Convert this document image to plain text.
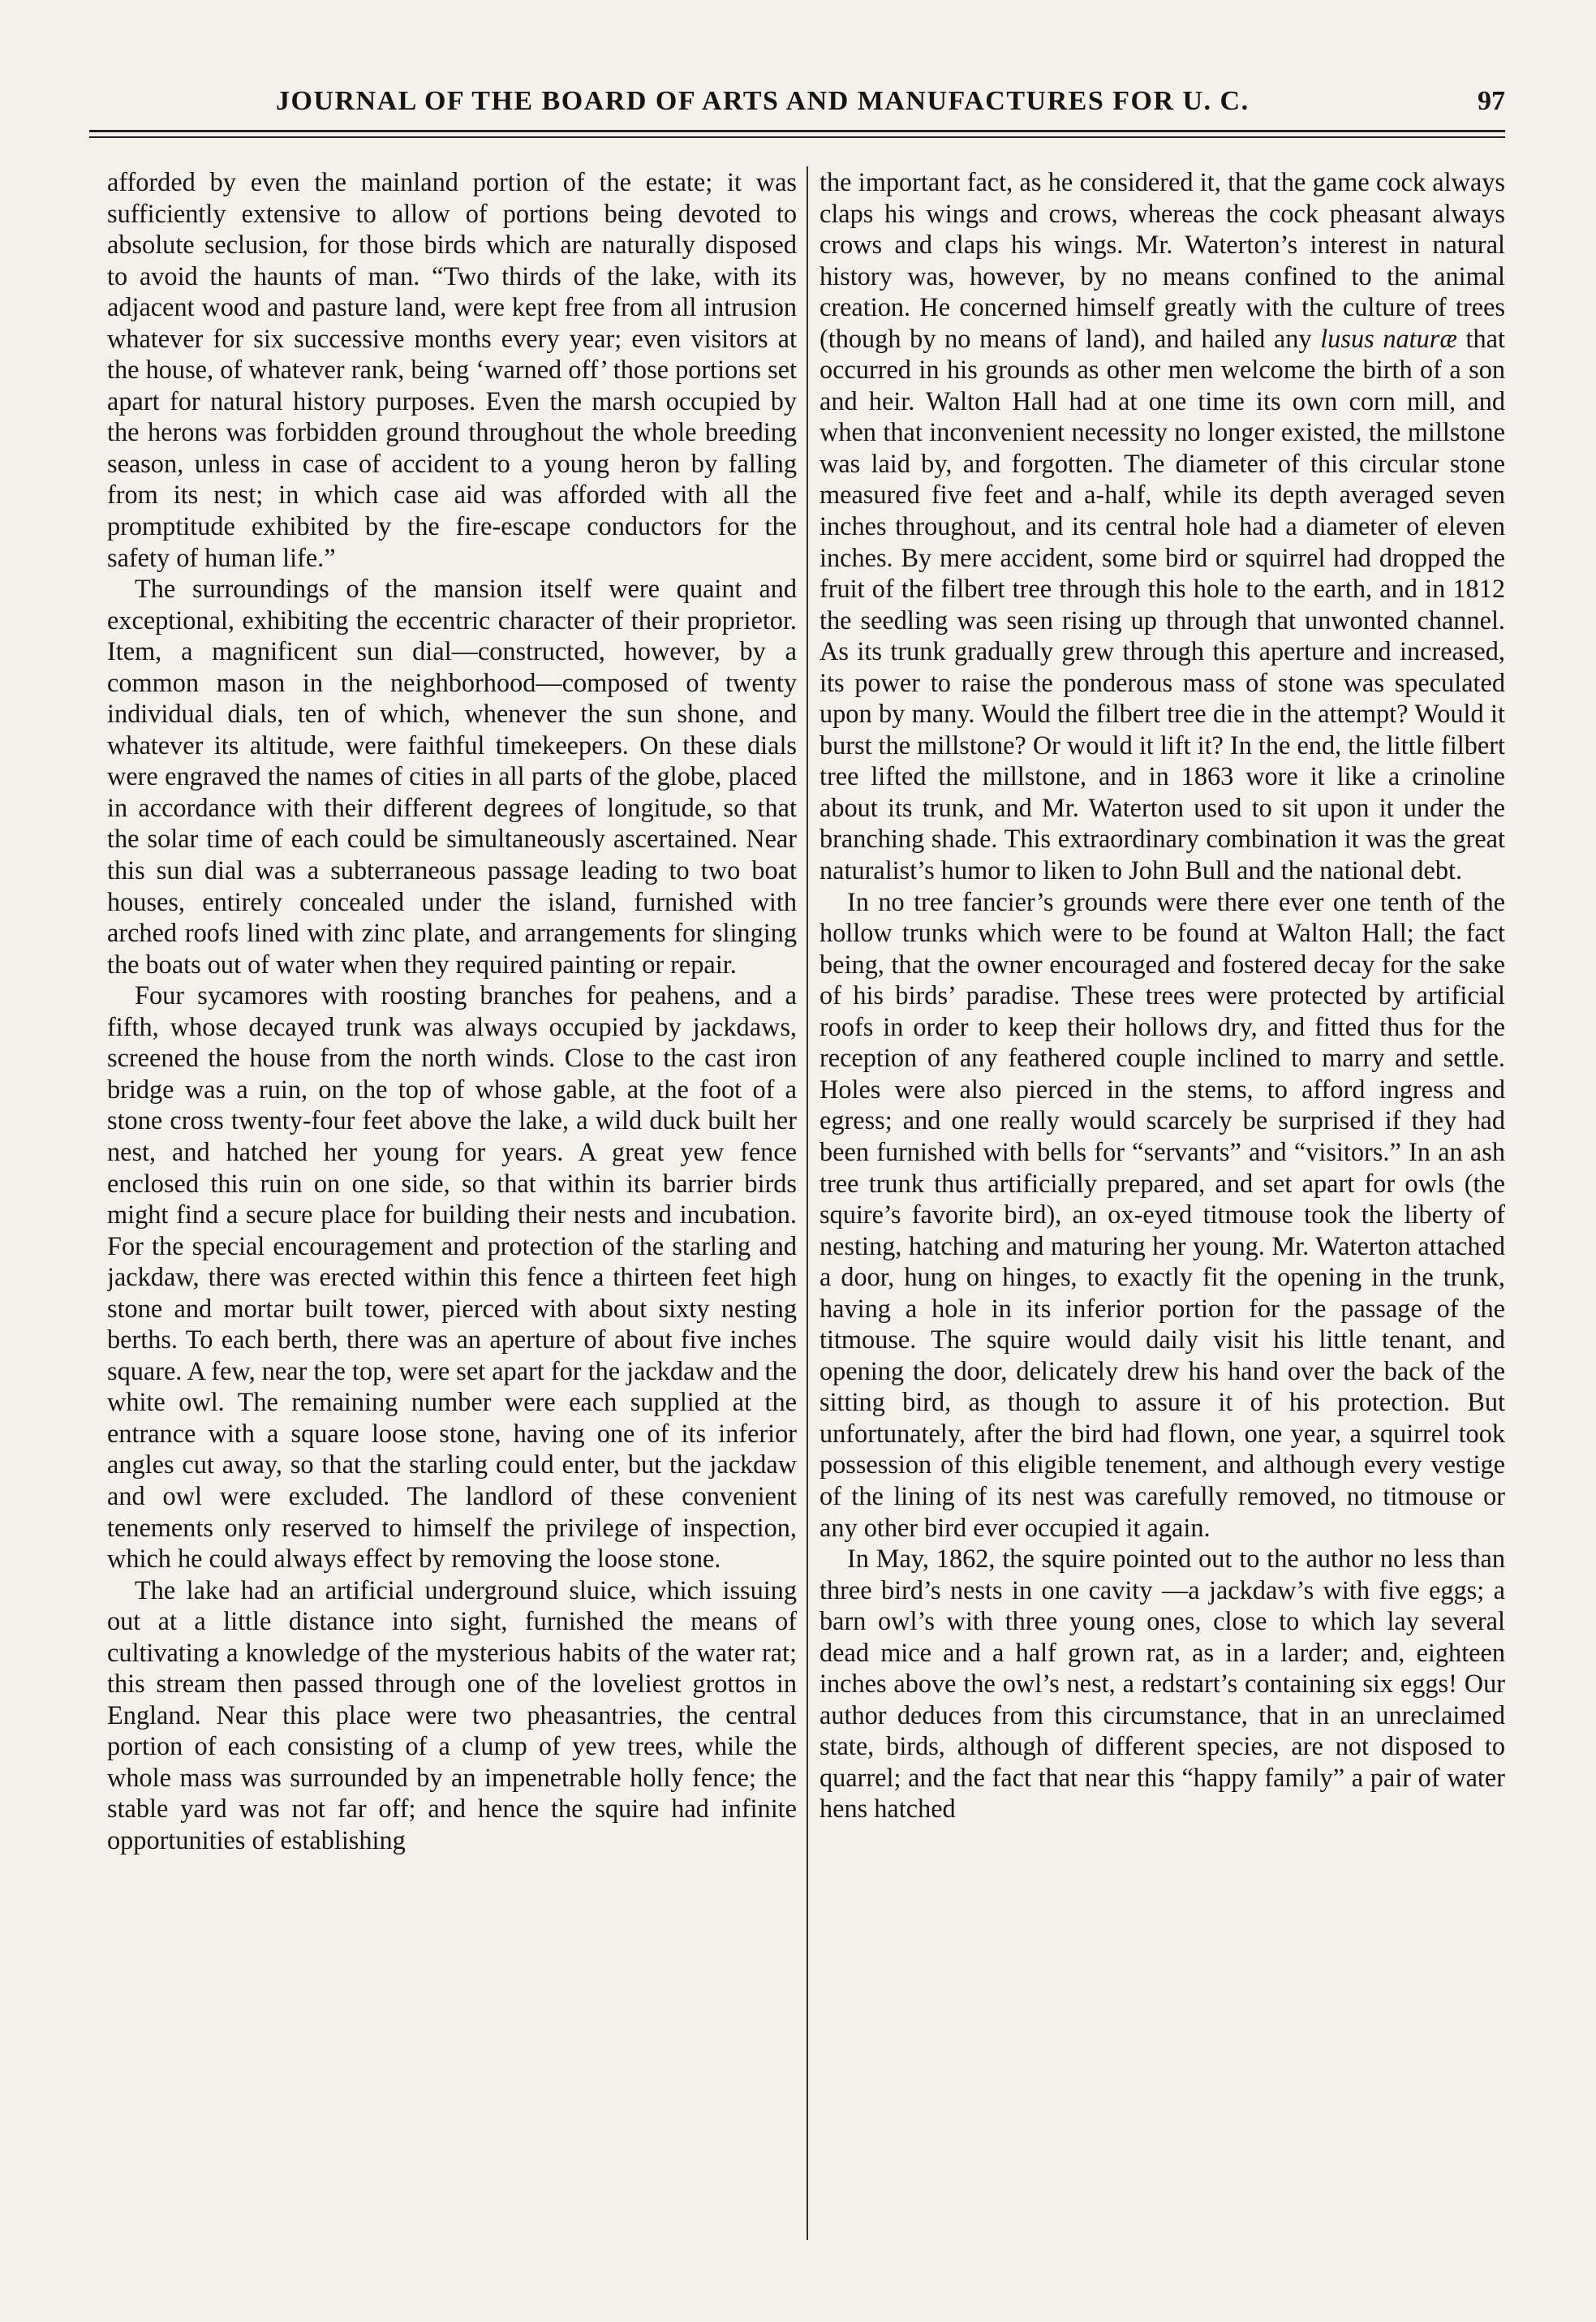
JOURNAL OF THE BOARD OF ARTS AND MANUFACTURES FOR U. C.	97

afforded by even the mainland portion of the estate; it was sufficiently extensive to allow of portions being devoted to absolute seclusion, for those birds which are naturally disposed to avoid the haunts of man. “Two thirds of the lake, with its adjacent wood and pasture land, were kept free from all intrusion whatever for six successive months every year; even visitors at the house, of whatever rank, being ‘warned off’ those portions set apart for natural history purposes. Even the marsh occupied by the herons was forbidden ground throughout the whole breeding season, unless in case of accident to a young heron by falling from its nest; in which case aid was afforded with all the promptitude exhibited by the fire-escape conductors for the safety of human life.”

The surroundings of the mansion itself were quaint and exceptional, exhibiting the eccentric character of their proprietor. Item, a magnificent sun dial—constructed, however, by a common mason in the neighborhood—composed of twenty individual dials, ten of which, whenever the sun shone, and whatever its altitude, were faithful timekeepers. On these dials were engraved the names of cities in all parts of the globe, placed in accordance with their different degrees of longitude, so that the solar time of each could be simultaneously ascertained. Near this sun dial was a subterraneous passage leading to two boat houses, entirely concealed under the island, furnished with arched roofs lined with zinc plate, and arrangements for slinging the boats out of water when they required painting or repair.

Four sycamores with roosting branches for peahens, and a fifth, whose decayed trunk was always occupied by jackdaws, screened the house from the north winds. Close to the cast iron bridge was a ruin, on the top of whose gable, at the foot of a stone cross twenty-four feet above the lake, a wild duck built her nest, and hatched her young for years. A great yew fence enclosed this ruin on one side, so that within its barrier birds might find a secure place for building their nests and incubation. For the special encouragement and protection of the starling and jackdaw, there was erected within this fence a thirteen feet high stone and mortar built tower, pierced with about sixty nesting berths. To each berth, there was an aperture of about five inches square. A few, near the top, were set apart for the jackdaw and the white owl. The remaining number were each supplied at the entrance with a square loose stone, having one of its inferior angles cut away, so that the starling could enter, but the jackdaw and owl were excluded. The landlord of these convenient tenements only reserved to himself the privilege of inspection, which he could always effect by removing the loose stone.

The lake had an artificial underground sluice, which issuing out at a little distance into sight, furnished the means of cultivating a knowledge of the mysterious habits of the water rat; this stream then passed through one of the loveliest grottos in England. Near this place were two pheasantries, the central portion of each consisting of a clump of yew trees, while the whole mass was surrounded by an impenetrable holly fence; the stable yard was not far off; and hence the squire had infinite opportunities of establishing

the important fact, as he considered it, that the game cock always claps his wings and crows, whereas the cock pheasant always crows and claps his wings. Mr. Waterton’s interest in natural history was, however, by no means confined to the animal creation. He concerned himself greatly with the culture of trees (though by no means of land), and hailed any lusus naturæ that occurred in his grounds as other men welcome the birth of a son and heir. Walton Hall had at one time its own corn mill, and when that inconvenient necessity no longer existed, the millstone was laid by, and forgotten. The diameter of this circular stone measured five feet and a-half, while its depth averaged seven inches throughout, and its central hole had a diameter of eleven inches. By mere accident, some bird or squirrel had dropped the fruit of the filbert tree through this hole to the earth, and in 1812 the seedling was seen rising up through that unwonted channel. As its trunk gradually grew through this aperture and increased, its power to raise the ponderous mass of stone was speculated upon by many. Would the filbert tree die in the attempt? Would it burst the millstone? Or would it lift it? In the end, the little filbert tree lifted the millstone, and in 1863 wore it like a crinoline about its trunk, and Mr. Waterton used to sit upon it under the branching shade. This extraordinary combination it was the great naturalist’s humor to liken to John Bull and the national debt.

In no tree fancier’s grounds were there ever one tenth of the hollow trunks which were to be found at Walton Hall; the fact being, that the owner encouraged and fostered decay for the sake of his birds’ paradise. These trees were protected by artificial roofs in order to keep their hollows dry, and fitted thus for the reception of any feathered couple inclined to marry and settle. Holes were also pierced in the stems, to afford ingress and egress; and one really would scarcely be surprised if they had been furnished with bells for “servants” and “visitors.” In an ash tree trunk thus artificially prepared, and set apart for owls (the squire’s favorite bird), an ox-eyed titmouse took the liberty of nesting, hatching and maturing her young. Mr. Waterton attached a door, hung on hinges, to exactly fit the opening in the trunk, having a hole in its inferior portion for the passage of the titmouse. The squire would daily visit his little tenant, and opening the door, delicately drew his hand over the back of the sitting bird, as though to assure it of his protection. But unfortunately, after the bird had flown, one year, a squirrel took possession of this eligible tenement, and although every vestige of the lining of its nest was carefully removed, no titmouse or any other bird ever occupied it again.

In May, 1862, the squire pointed out to the author no less than three bird’s nests in one cavity —a jackdaw’s with five eggs; a barn owl’s with three young ones, close to which lay several dead mice and a half grown rat, as in a larder; and, eighteen inches above the owl’s nest, a redstart’s containing six eggs! Our author deduces from this circumstance, that in an unreclaimed state, birds, although of different species, are not disposed to quarrel; and the fact that near this “happy family” a pair of water hens hatched
